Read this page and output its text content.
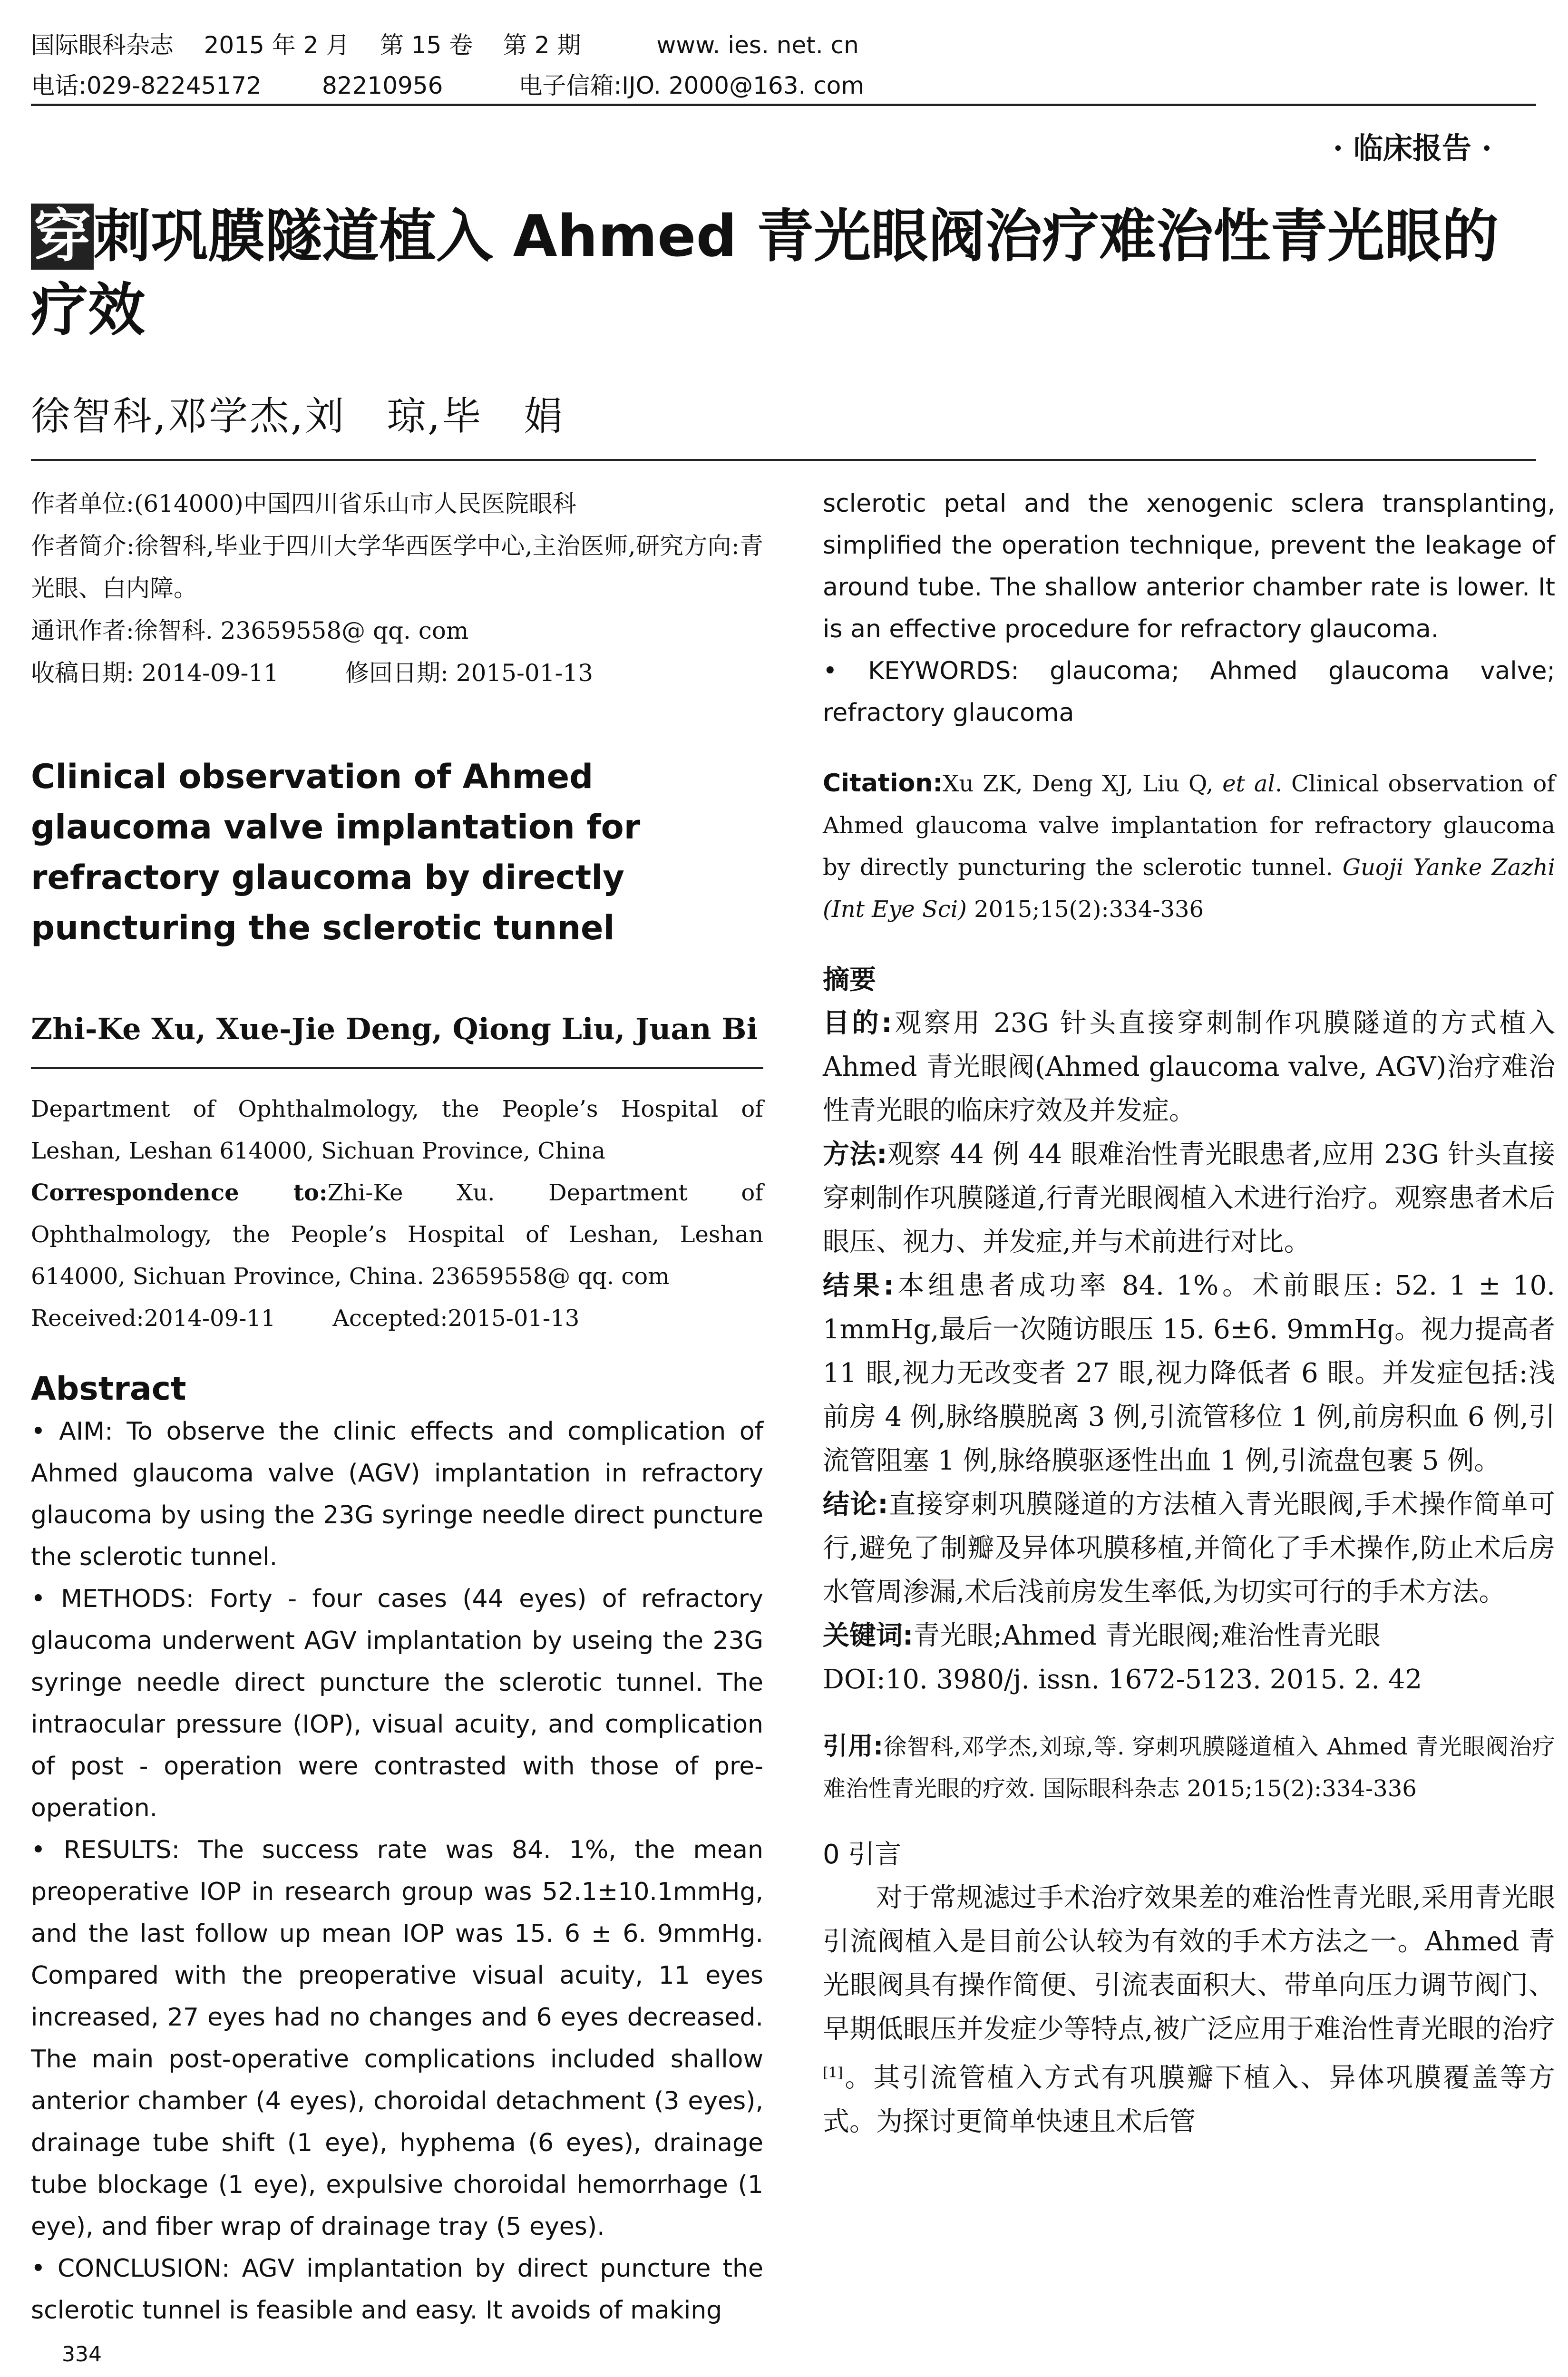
国际眼科杂志    2015 年 2 月    第 15 卷    第 2 期          www. ies. net. cn
电话:029-82245172        82210956          电子信箱:IJO. 2000@163. com
· 临床报告 ·
穿刺巩膜隧道植入 Ahmed 青光眼阀治疗难治性青光眼的疗效
徐智科,邓学杰,刘　琼,毕　娟
作者单位:(614000)中国四川省乐山市人民医院眼科
作者简介:徐智科,毕业于四川大学华西医学中心,主治医师,研究方向:青光眼、白内障。
通讯作者:徐智科. 23659558@ qq. com
收稿日期: 2014-09-11	修回日期: 2015-01-13
Clinical observation of Ahmed glaucoma valve implantation for refractory glaucoma by directly puncturing the sclerotic tunnel
Zhi-Ke Xu, Xue-Jie Deng, Qiong Liu, Juan Bi
Department of Ophthalmology, the People’s Hospital of Leshan, Leshan 614000, Sichuan Province, China
Correspondence to:Zhi-Ke Xu. Department of Ophthalmology, the People’s Hospital of Leshan, Leshan 614000, Sichuan Province, China. 23659558@ qq. com
Received:2014-09-11	Accepted:2015-01-13
Abstract
• AIM: To observe the clinic effects and complication of Ahmed glaucoma valve (AGV) implantation in refractory glaucoma by using the 23G syringe needle direct puncture the sclerotic tunnel.
• METHODS: Forty - four cases (44 eyes) of refractory glaucoma underwent AGV implantation by useing the 23G syringe needle direct puncture the sclerotic tunnel. The intraocular pressure (IOP), visual acuity, and complication of post - operation were contrasted with those of pre-operation.
• RESULTS: The success rate was 84. 1%, the mean preoperative IOP in research group was 52.1±10.1mmHg, and the last follow up mean IOP was 15. 6 ± 6. 9mmHg. Compared with the preoperative visual acuity, 11 eyes increased, 27 eyes had no changes and 6 eyes decreased. The main post-operative complications included shallow anterior chamber (4 eyes), choroidal detachment (3 eyes), drainage tube shift (1 eye), hyphema (6 eyes), drainage tube blockage (1 eye), expulsive choroidal hemorrhage (1 eye), and fiber wrap of drainage tray (5 eyes).
• CONCLUSION: AGV implantation by direct puncture the sclerotic tunnel is feasible and easy. It avoids of making
sclerotic petal and the xenogenic sclera transplanting, simplified the operation technique, prevent the leakage of around tube. The shallow anterior chamber rate is lower. It is an effective procedure for refractory glaucoma.
• KEYWORDS: glaucoma; Ahmed glaucoma valve; refractory glaucoma
Citation:Xu ZK, Deng XJ, Liu Q, et al. Clinical observation of Ahmed glaucoma valve implantation for refractory glaucoma by directly puncturing the sclerotic tunnel. Guoji Yanke Zazhi (Int Eye Sci) 2015;15(2):334-336
摘要
目的:观察用 23G 针头直接穿刺制作巩膜隧道的方式植入 Ahmed 青光眼阀(Ahmed glaucoma valve, AGV)治疗难治性青光眼的临床疗效及并发症。
方法:观察 44 例 44 眼难治性青光眼患者,应用 23G 针头直接穿刺制作巩膜隧道,行青光眼阀植入术进行治疗。观察患者术后眼压、视力、并发症,并与术前进行对比。
结果:本组患者成功率 84. 1%。术前眼压: 52. 1 ± 10. 1mmHg,最后一次随访眼压 15. 6±6. 9mmHg。视力提高者 11 眼,视力无改变者 27 眼,视力降低者 6 眼。并发症包括:浅前房 4 例,脉络膜脱离 3 例,引流管移位 1 例,前房积血 6 例,引流管阻塞 1 例,脉络膜驱逐性出血 1 例,引流盘包裹 5 例。
结论:直接穿刺巩膜隧道的方法植入青光眼阀,手术操作简单可行,避免了制瓣及异体巩膜移植,并简化了手术操作,防止术后房水管周渗漏,术后浅前房发生率低,为切实可行的手术方法。
关键词:青光眼;Ahmed 青光眼阀;难治性青光眼
DOI:10. 3980/j. issn. 1672-5123. 2015. 2. 42
引用:徐智科,邓学杰,刘琼,等. 穿刺巩膜隧道植入 Ahmed 青光眼阀治疗难治性青光眼的疗效. 国际眼科杂志 2015;15(2):334-336
0 引言
对于常规滤过手术治疗效果差的难治性青光眼,采用青光眼引流阀植入是目前公认较为有效的手术方法之一。Ahmed 青光眼阀具有操作简便、引流表面积大、带单向压力调节阀门、早期低眼压并发症少等特点,被广泛应用于难治性青光眼的治疗[1]。其引流管植入方式有巩膜瓣下植入、异体巩膜覆盖等方式。为探讨更简单快速且术后管
334
